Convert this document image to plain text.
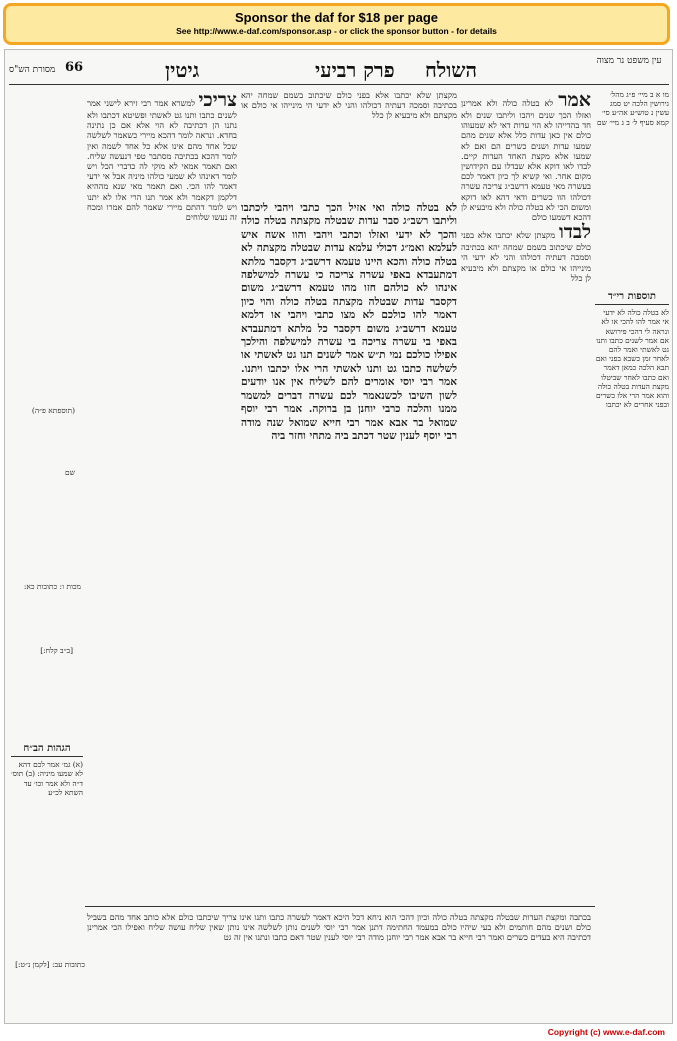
Sponsor the daf for $18 per page
See http://www.e-daf.com/sponsor.asp - or click the sponsor button - for details
מסורת הש"ס 66	גיטין	פרק רביעי השולח	עין משפט נר מצוה
מו א ב מיי׳ פ״ג מהל׳ גירושין הלכה יט סמג עשין נ טוש״ע אה״ע סי׳ קמא סעיף ל׳ ב ג מיי׳ שם
תוספות רי״ד
לא בטלה כולה לא ידעי אי אמר להו להכי או לא ונראה לי דהכי פירושא אם אמר לשנים כתבו ותנו גט לאשתי ואמר להם לאחר זמן כשבא בפני ואם תבא הלכה כמאן דאמר ואם כתבו לאחר שביטלו מקצת העדות בטלה כולה והוא אמר הרי אלו כשרים ובפני אחרים לא יכתבו
(תוספתא פ״ה)
שם
מכות ו: כתובות כא:
[ב״ב קלח:]
הגהות הב״ח
(א) גמ׳ אמר לכם דהא לא שמעו מיניה: (ב) תוס׳ ד״ה ולא אמר וכו׳ עד השתא לכ״ע
כתובות עב: [לקמן נ״ט:]
אמר לא בטלה כולה ולא אמרינן ואזלו הכך שנים ויהבו וליתבו שנים ולא חד בהדייהו לא הוי עדות דאי לא שמעוהו כולם אין כאן עדות כלל אלא שנים מהם שמעו עדות ושנים כשרים הם ואם לא שמעו אלא מקצת האחד העדות קיים. לבדו לאו דוקא אלא שבדלו עם הקידושין מקום אחר. ואי קשיא לך כיון דאמר לכם בעשרה מאי טעמא דרשב״ג צריכה עשרה דכולהו הוו כשרים ודאי דהא לאו דוקא ומשום הכי לא בטלה כולה ולא מיבעיא לן דהכא דשמעו כולם
לבדו מקצתן שלא יכתבו אלא בפני כולם שיכתוב בשמם שמחה יהא בכתיבה וסמכה דעתיה דכולהו והני לא ידעי הי מינייהו אי כולם או מקצתם ולא מיבעיא לן כלל
לא בטלה כולה ואי אזיל הכך כתבי ויהבי ליכתבו וליתבו רשב״ג סבר עדות שבטלה מקצתה בטלה כולה והכך לא ידעי ואזלו וכתבי ויהבי והוו אשה איש לעלמא ואמ״ג דכולי עלמא עדות שבטלה מקצתה לא בטלה כולה והכא היינו טעמא דרשב״ג דקסבר מלתא דמתעבדא באפי עשרה צריכה כי עשרה למישלפה אינהו לא כולהם חזו מהו טעמא דרשב״ג משום דקסבר עדות שבטלה מקצתה בטלה כולה והוי כיון דאמר להו כולכם לא מצו כתבי ויהבי או דלמא טעמא דרשב״ג משום דקסבר כל מלתא דמתעבדא באפי בי עשרה צריכה בי עשרה למישלפה והילכך אפילו כולכם נמי ת״ש אמר לשנים תנו גט לאשתי או לשלשה כתבו גט ותנו לאשתי הרי אלו יכתבו ויתנו. אמר רבי יוסי אומרים להם לשליח אין אנו יודעים לשון השיבו לכשנאמר לכם עשרה דברים למשמר ממנו והלכה כרבי יוחנן בן ברוקה. אמר רבי יוסף שמואל בר אבא אמר רבי חייא שמואל שנה מודה רבי יוסף לענין שטר דכתב ביה מתחי וחזר ביה
מקצתן שלא יכתבו אלא בפני כולם שיכתוב בשמם שמחה יהא בכתיבה וסמכה דעתיה דכולהו והני לא ידעי הי מינייהו אי כולם או מקצתם ולא מיבעיא לן כלל
צריכי למשרא אמר רבי זירא לישני אמר לשנים כתבו ותנו גט לאשתי ופשיטא דכתבו ולא נתנו הן דכתיבה לא הוי אלא אם כן נתינה בחדא. ונראה לומר דהכא מיירי כשאמר לשלשה שכל אחד מהם אינו אלא כל אחד לשמה ואין לומר דהכא בכתיבה מסתבר טפי דנעשה שליח. ואם תאמר אמאי לא מוקי לה כדברי הכל ויש לומר דאינהו לא שמעי כולהו מיניה אבל אי ידעי דאמר להו הכי. ואם תאמר מאי שנא מההיא דלקמן דקאמר ולא אמר תנו הרי אלו לא יתנו ויש לומר דהתם מיירי שאמר להם אמרו ומכח זה נעשו שלוחים
בכתבה ומקצת העדות שבטלה מקצתה בטלה כולה וכיון דהכי הוא ניחא דכל היכא דאמר לעשרה כתבו ותנו אינו צריך שיכתבו כולם אלא כותב אחד מהם בשביל כולם ושנים מהם חותמים ולא בעי שיהיו כולם במעמד החתימה דתנן אמר רבי יוסי לשנים נותן לשלשה אינו נותן שאין שליח עושה שליח ואפילו הכי אמרינן דכתיבה היא בעדים כשרים ואמר רבי חייא בר אבא אמר רבי יוחנן מודה רבי יוסי לענין שטר דאם כתבו ונתנו אין זה גט
Copyright (c) www.e-daf.com
